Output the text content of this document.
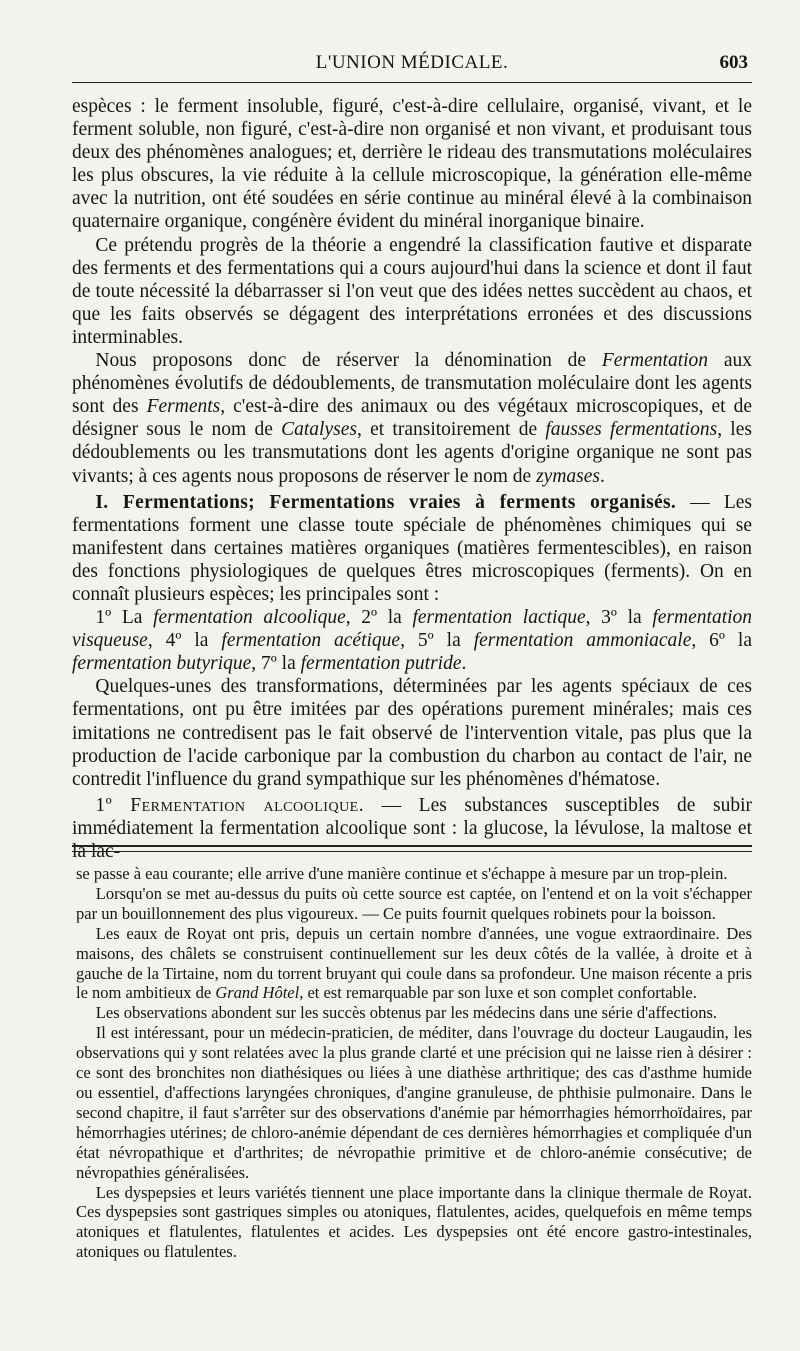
L'UNION MÉDICALE.	603

espèces : le ferment insoluble, figuré, c'est-à-dire cellulaire, organisé, vivant, et le ferment soluble, non figuré, c'est-à-dire non organisé et non vivant, et produisant tous deux des phénomènes analogues; et, derrière le rideau des transmutations moléculaires les plus obscures, la vie réduite à la cellule microscopique, la génération elle-même avec la nutrition, ont été soudées en série continue au minéral élevé à la combinaison quaternaire organique, congénère évident du minéral inorganique binaire.

Ce prétendu progrès de la théorie a engendré la classification fautive et disparate des ferments et des fermentations qui a cours aujourd'hui dans la science et dont il faut de toute nécessité la débarrasser si l'on veut que des idées nettes succèdent au chaos, et que les faits observés se dégagent des interprétations erronées et des discussions interminables.

Nous proposons donc de réserver la dénomination de Fermentation aux phénomènes évolutifs de dédoublements, de transmutation moléculaire dont les agents sont des Ferments, c'est-à-dire des animaux ou des végétaux microscopiques, et de désigner sous le nom de Catalyses, et transitoirement de fausses fermentations, les dédoublements ou les transmutations dont les agents d'origine organique ne sont pas vivants; à ces agents nous proposons de réserver le nom de zymases.

I. Fermentations; Fermentations vraies à ferments organisés. — Les fermentations forment une classe toute spéciale de phénomènes chimiques qui se manifestent dans certaines matières organiques (matières fermentescibles), en raison des fonctions physiologiques de quelques êtres microscopiques (ferments). On en connaît plusieurs espèces; les principales sont :

1º La fermentation alcoolique, 2º la fermentation lactique, 3º la fermentation visqueuse, 4º la fermentation acétique, 5º la fermentation ammoniacale, 6º la fermentation butyrique, 7º la fermentation putride.

Quelques-unes des transformations, déterminées par les agents spéciaux de ces fermentations, ont pu être imitées par des opérations purement minérales; mais ces imitations ne contredisent pas le fait observé de l'intervention vitale, pas plus que la production de l'acide carbonique par la combustion du charbon au contact de l'air, ne contredit l'influence du grand sympathique sur les phénomènes d'hématose.

1º Fermentation alcoolique. — Les substances susceptibles de subir immédiatement la fermentation alcoolique sont : la glucose, la lévulose, la maltose et la lac-

se passe à eau courante; elle arrive d'une manière continue et s'échappe à mesure par un trop-plein.

Lorsqu'on se met au-dessus du puits où cette source est captée, on l'entend et on la voit s'échapper par un bouillonnement des plus vigoureux. — Ce puits fournit quelques robinets pour la boisson.

Les eaux de Royat ont pris, depuis un certain nombre d'années, une vogue extraordinaire. Des maisons, des châlets se construisent continuellement sur les deux côtés de la vallée, à droite et à gauche de la Tirtaine, nom du torrent bruyant qui coule dans sa profondeur. Une maison récente a pris le nom ambitieux de Grand Hôtel, et est remarquable par son luxe et son complet confortable.

Les observations abondent sur les succès obtenus par les médecins dans une série d'affections.

Il est intéressant, pour un médecin-praticien, de méditer, dans l'ouvrage du docteur Laugaudin, les observations qui y sont relatées avec la plus grande clarté et une précision qui ne laisse rien à désirer : ce sont des bronchites non diathésiques ou liées à une diathèse arthritique; des cas d'asthme humide ou essentiel, d'affections laryngées chroniques, d'angine granuleuse, de phthisie pulmonaire. Dans le second chapitre, il faut s'arrêter sur des observations d'anémie par hémorrhagies hémorrhoïdaires, par hémorrhagies utérines; de chloro-anémie dépendant de ces dernières hémorrhagies et compliquée d'un état névropathique et d'arthrites; de névropathie primitive et de chloro-anémie consécutive; de névropathies généralisées.

Les dyspepsies et leurs variétés tiennent une place importante dans la clinique thermale de Royat. Ces dyspepsies sont gastriques simples ou atoniques, flatulentes, acides, quelquefois en même temps atoniques et flatulentes, flatulentes et acides. Les dyspepsies ont été encore gastro-intestinales, atoniques ou flatulentes.
